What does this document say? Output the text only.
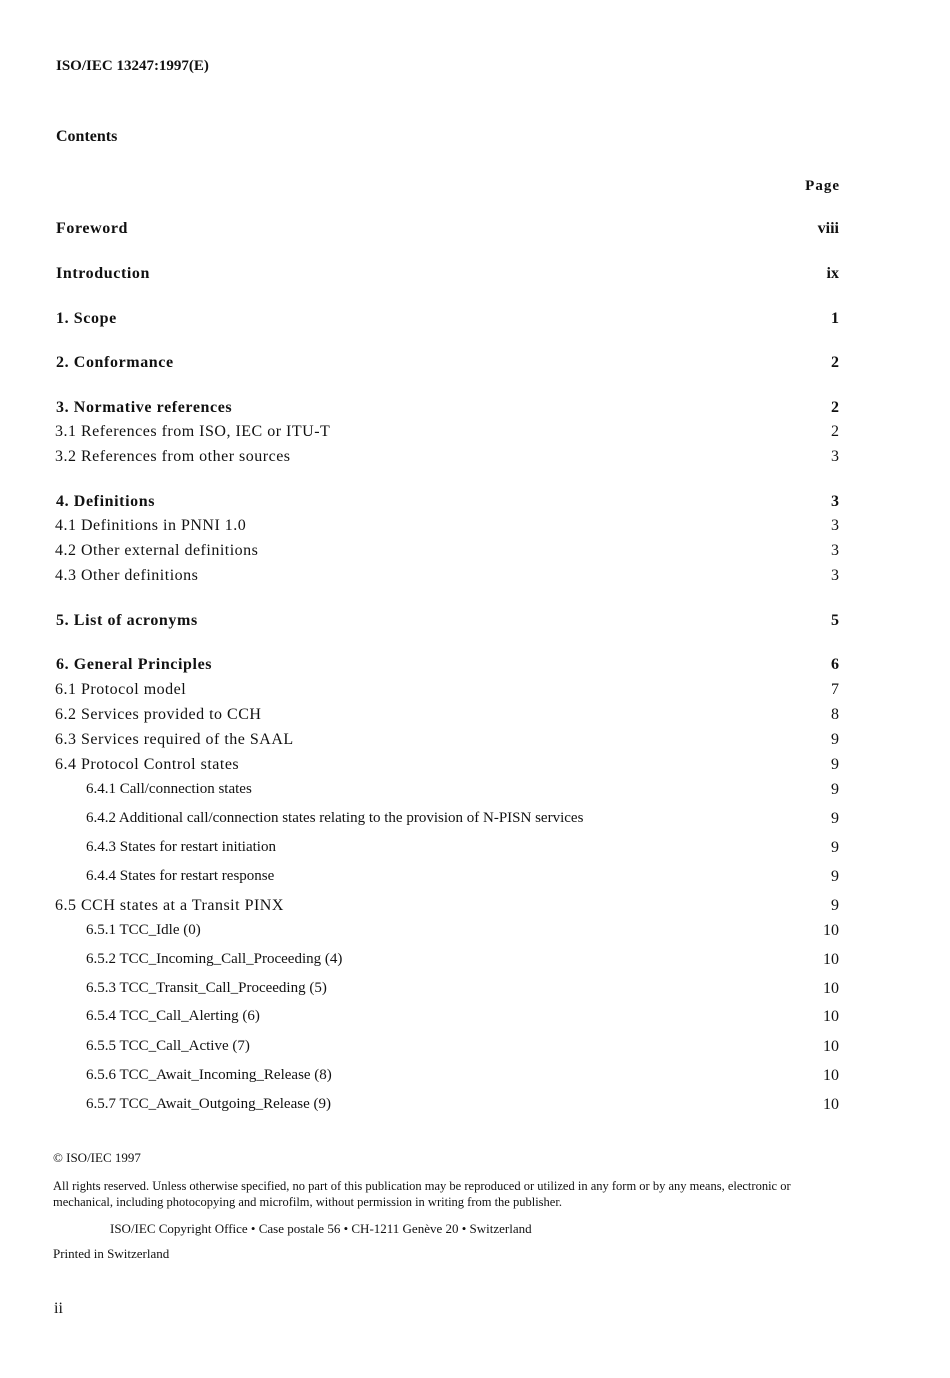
ISO/IEC 13247:1997(E)
Contents
Page
Foreword	viii
Introduction	ix
1. Scope	1
2. Conformance	2
3. Normative references	2
3.1 References from ISO, IEC or ITU-T	2
3.2 References from other sources	3
4. Definitions	3
4.1 Definitions in PNNI 1.0	3
4.2 Other external definitions	3
4.3 Other definitions	3
5. List of acronyms	5
6. General Principles	6
6.1 Protocol model	7
6.2 Services provided to CCH	8
6.3 Services required of the SAAL	9
6.4 Protocol Control states	9
6.4.1 Call/connection states	9
6.4.2 Additional call/connection states relating to the provision of N-PISN services	9
6.4.3 States for restart initiation	9
6.4.4 States for restart response	9
6.5 CCH states at a Transit PINX	9
6.5.1 TCC_Idle (0)	10
6.5.2 TCC_Incoming_Call_Proceeding (4)	10
6.5.3 TCC_Transit_Call_Proceeding (5)	10
6.5.4 TCC_Call_Alerting (6)	10
6.5.5 TCC_Call_Active (7)	10
6.5.6 TCC_Await_Incoming_Release (8)	10
6.5.7 TCC_Await_Outgoing_Release (9)	10
© ISO/IEC 1997
All rights reserved. Unless otherwise specified, no part of this publication may be reproduced or utilized in any form or by any means, electronic or mechanical, including photocopying and microfilm, without permission in writing from the publisher.
ISO/IEC Copyright Office • Case postale 56 • CH-1211 Genève 20 • Switzerland
Printed in Switzerland
ii
